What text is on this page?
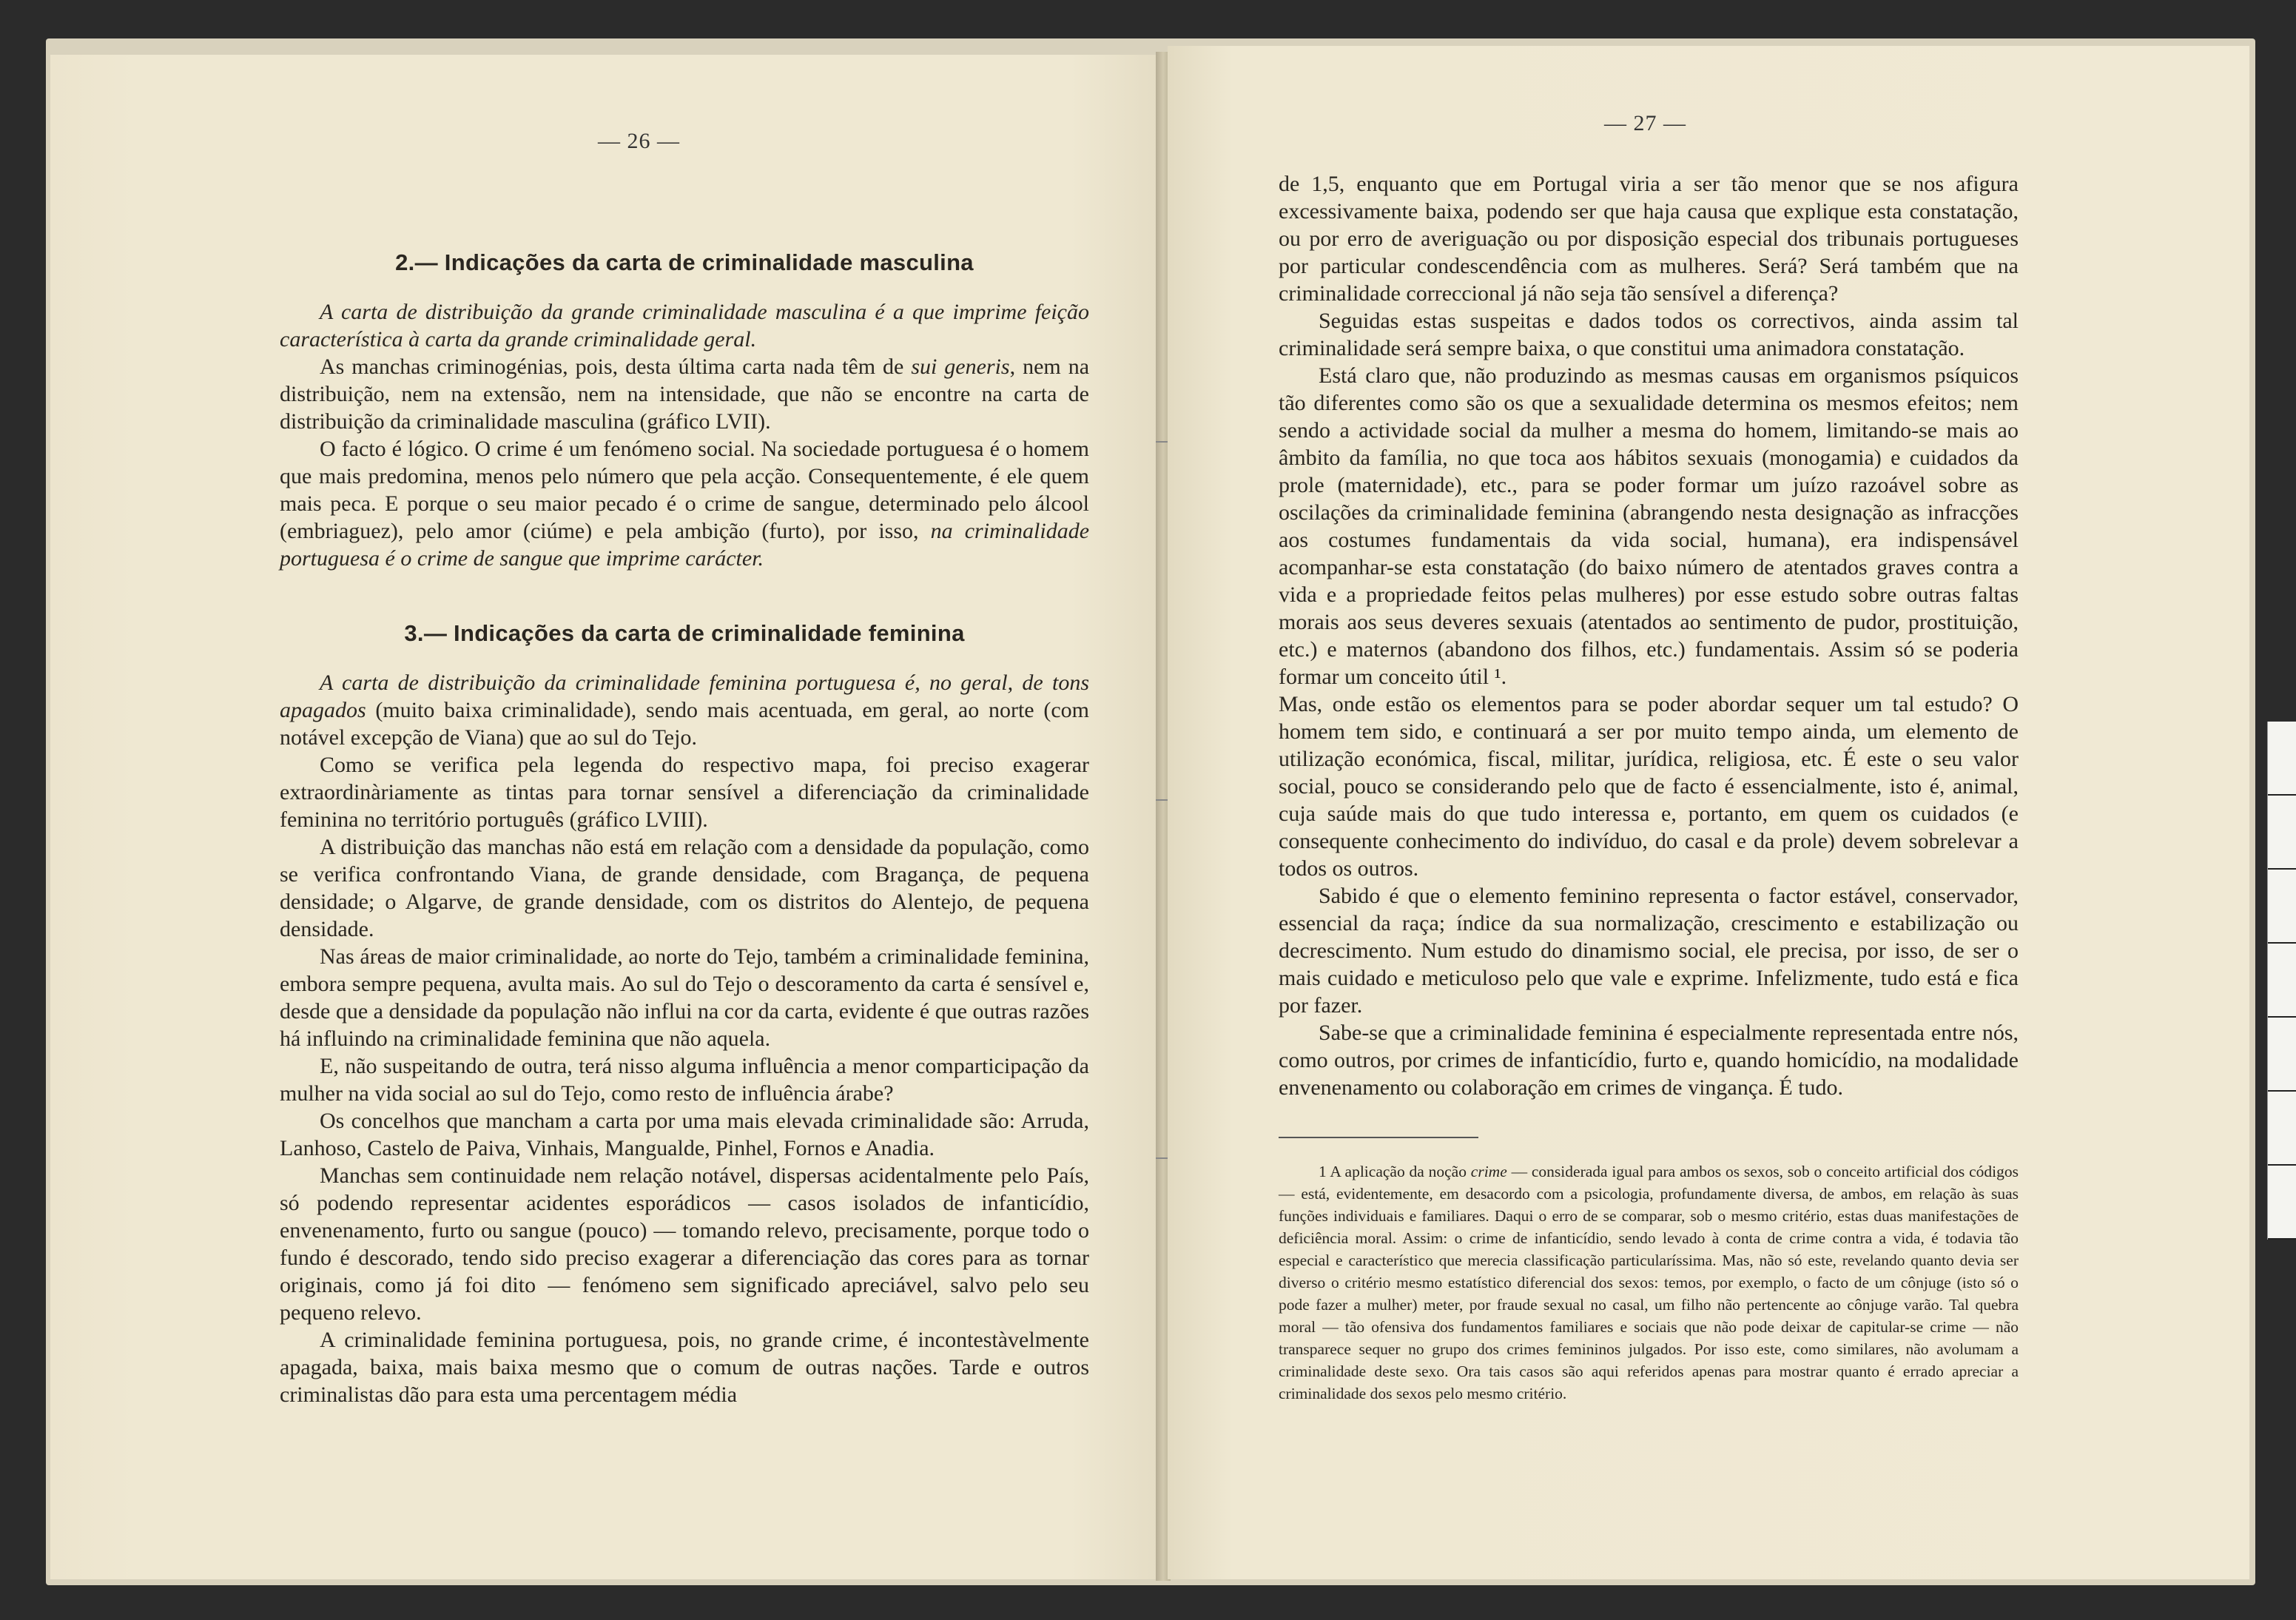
— 26 —
2.— Indicações da carta de criminalidade masculina

A carta de distribuição da grande criminalidade masculina é a que imprime feição característica à carta da grande criminalidade geral.

As manchas criminogénias, pois, desta última carta nada têm de sui generis, nem na distribuição, nem na extensão, nem na intensidade, que não se encontre na carta de distribuição da criminalidade masculina (gráfico LVII).

O facto é lógico. O crime é um fenómeno social. Na sociedade portuguesa é o homem que mais predomina, menos pelo número que pela acção. Consequentemente, é ele quem mais peca. E porque o seu maior pecado é o crime de sangue, determinado pelo álcool (embriaguez), pelo amor (ciúme) e pela ambição (furto), por isso, na criminalidade portuguesa é o crime de sangue que imprime carácter.

3.— Indicações da carta de criminalidade feminina

A carta de distribuição da criminalidade feminina portuguesa é, no geral, de tons apagados (muito baixa criminalidade), sendo mais acentuada, em geral, ao norte (com notável excepção de Viana) que ao sul do Tejo.

Como se verifica pela legenda do respectivo mapa, foi preciso exagerar extraordinàriamente as tintas para tornar sensível a diferenciação da criminalidade feminina no território português (gráfico LVIII).

A distribuição das manchas não está em relação com a densidade da população, como se verifica confrontando Viana, de grande densidade, com Bragança, de pequena densidade; o Algarve, de grande densidade, com os distritos do Alentejo, de pequena densidade.

Nas áreas de maior criminalidade, ao norte do Tejo, também a criminalidade feminina, embora sempre pequena, avulta mais. Ao sul do Tejo o descoramento da carta é sensível e, desde que a densidade da população não influi na cor da carta, evidente é que outras razões há influindo na criminalidade feminina que não aquela.

E, não suspeitando de outra, terá nisso alguma influência a menor comparticipação da mulher na vida social ao sul do Tejo, como resto de influência árabe?

Os concelhos que mancham a carta por uma mais elevada criminalidade são: Arruda, Lanhoso, Castelo de Paiva, Vinhais, Mangualde, Pinhel, Fornos e Anadia.

Manchas sem continuidade nem relação notável, dispersas acidentalmente pelo País, só podendo representar acidentes esporádicos — casos isolados de infanticídio, envenenamento, furto ou sangue (pouco) — tomando relevo, precisamente, porque todo o fundo é descorado, tendo sido preciso exagerar a diferenciação das cores para as tornar originais, como já foi dito — fenómeno sem significado apreciável, salvo pelo seu pequeno relevo.

A criminalidade feminina portuguesa, pois, no grande crime, é incontestàvelmente apagada, baixa, mais baixa mesmo que o comum de outras nações. Tarde e outros criminalistas dão para esta uma percentagem média

— 27 —

de 1,5, enquanto que em Portugal viria a ser tão menor que se nos afigura excessivamente baixa, podendo ser que haja causa que explique esta constatação, ou por erro de averiguação ou por disposição especial dos tribunais portugueses por particular condescendência com as mulheres. Será? Será também que na criminalidade correccional já não seja tão sensível a diferença?

Seguidas estas suspeitas e dados todos os correctivos, ainda assim tal criminalidade será sempre baixa, o que constitui uma animadora constatação.

Está claro que, não produzindo as mesmas causas em organismos psíquicos tão diferentes como são os que a sexualidade determina os mesmos efeitos; nem sendo a actividade social da mulher a mesma do homem, limitando-se mais ao âmbito da família, no que toca aos hábitos sexuais (monogamia) e cuidados da prole (maternidade), etc., para se poder formar um juízo razoável sobre as oscilações da criminalidade feminina (abrangendo nesta designação as infracções aos costumes fundamentais da vida social, humana), era indispensável acompanhar-se esta constatação (do baixo número de atentados graves contra a vida e a propriedade feitos pelas mulheres) por esse estudo sobre outras faltas morais aos seus deveres sexuais (atentados ao sentimento de pudor, prostituição, etc.) e maternos (abandono dos filhos, etc.) fundamentais. Assim só se poderia formar um conceito útil ¹.

Mas, onde estão os elementos para se poder abordar sequer um tal estudo? O homem tem sido, e continuará a ser por muito tempo ainda, um elemento de utilização económica, fiscal, militar, jurídica, religiosa, etc. É este o seu valor social, pouco se considerando pelo que de facto é essencialmente, isto é, animal, cuja saúde mais do que tudo interessa e, portanto, em quem os cuidados (e consequente conhecimento do indivíduo, do casal e da prole) devem sobrelevar a todos os outros.

Sabido é que o elemento feminino representa o factor estável, conservador, essencial da raça; índice da sua normalização, crescimento e estabilização ou decrescimento. Num estudo do dinamismo social, ele precisa, por isso, de ser o mais cuidado e meticuloso pelo que vale e exprime. Infelizmente, tudo está e fica por fazer.

Sabe-se que a criminalidade feminina é especialmente representada entre nós, como outros, por crimes de infanticídio, furto e, quando homicídio, na modalidade envenenamento ou colaboração em crimes de vingança. É tudo.

1 A aplicação da noção crime — considerada igual para ambos os sexos, sob o conceito artificial dos códigos — está, evidentemente, em desacordo com a psicologia, profundamente diversa, de ambos, em relação às suas funções individuais e familiares. Daqui o erro de se comparar, sob o mesmo critério, estas duas manifestações de deficiência moral. Assim: o crime de infanticídio, sendo levado à conta de crime contra a vida, é todavia tão especial e característico que merecia classificação particularíssima. Mas, não só este, revelando quanto devia ser diverso o critério mesmo estatístico diferencial dos sexos: temos, por exemplo, o facto de um cônjuge (isto só o pode fazer a mulher) meter, por fraude sexual no casal, um filho não pertencente ao cônjuge varão. Tal quebra moral — tão ofensiva dos fundamentos familiares e sociais que não pode deixar de capitular-se crime — não transparece sequer no grupo dos crimes femininos julgados. Por isso este, como similares, não avolumam a criminalidade deste sexo. Ora tais casos são aqui referidos apenas para mostrar quanto é errado apreciar a criminalidade dos sexos pelo mesmo critério.
